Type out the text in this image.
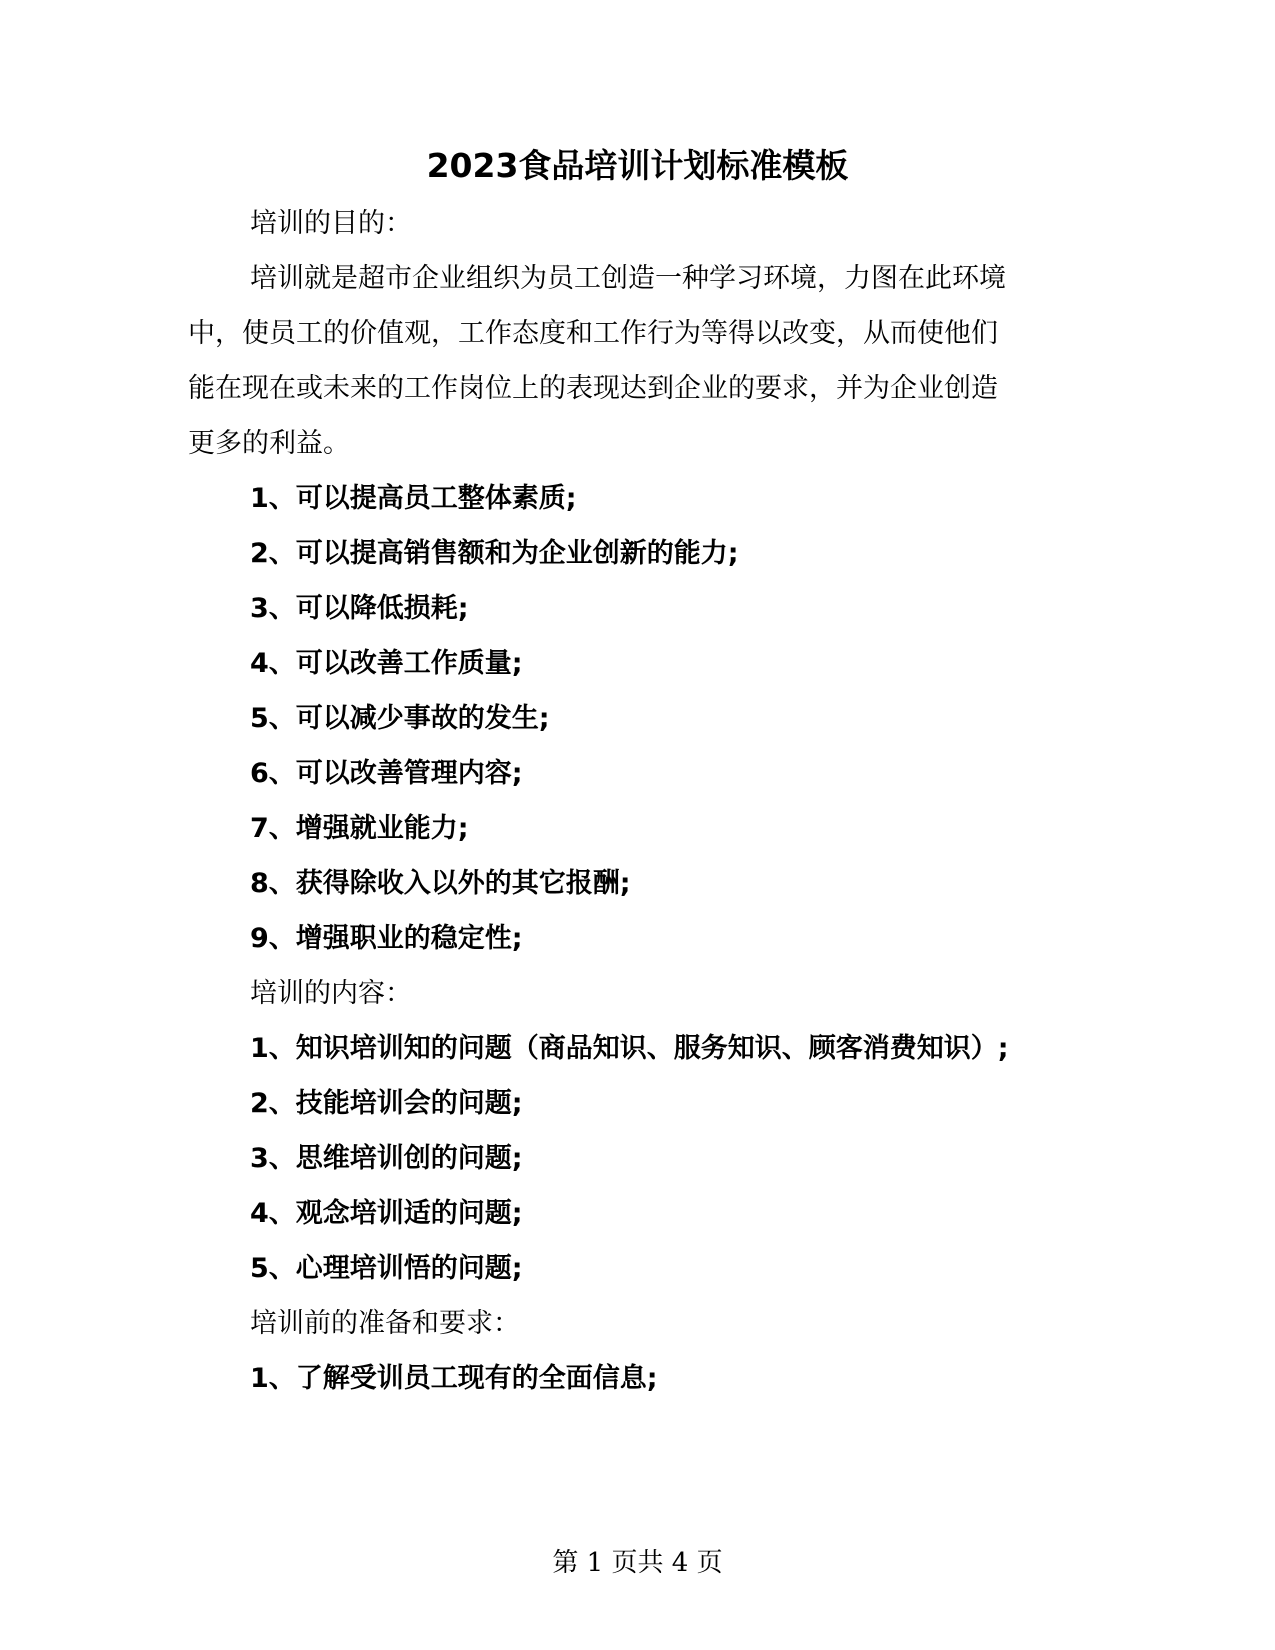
2023食品培训计划标准模板
培训的目的：
培训就是超市企业组织为员工创造一种学习环境，力图在此环境
中，使员工的价值观，工作态度和工作行为等得以改变，从而使他们
能在现在或未来的工作岗位上的表现达到企业的要求，并为企业创造
更多的利益。
1、可以提高员工整体素质;
2、可以提高销售额和为企业创新的能力;
3、可以降低损耗;
4、可以改善工作质量;
5、可以减少事故的发生;
6、可以改善管理内容;
7、增强就业能力;
8、获得除收入以外的其它报酬;
9、增强职业的稳定性;
培训的内容：
1、知识培训知的问题（商品知识、服务知识、顾客消费知识）;
2、技能培训会的问题;
3、思维培训创的问题;
4、观念培训适的问题;
5、心理培训悟的问题;
培训前的准备和要求：
1、了解受训员工现有的全面信息;
第 1 页共 4 页
